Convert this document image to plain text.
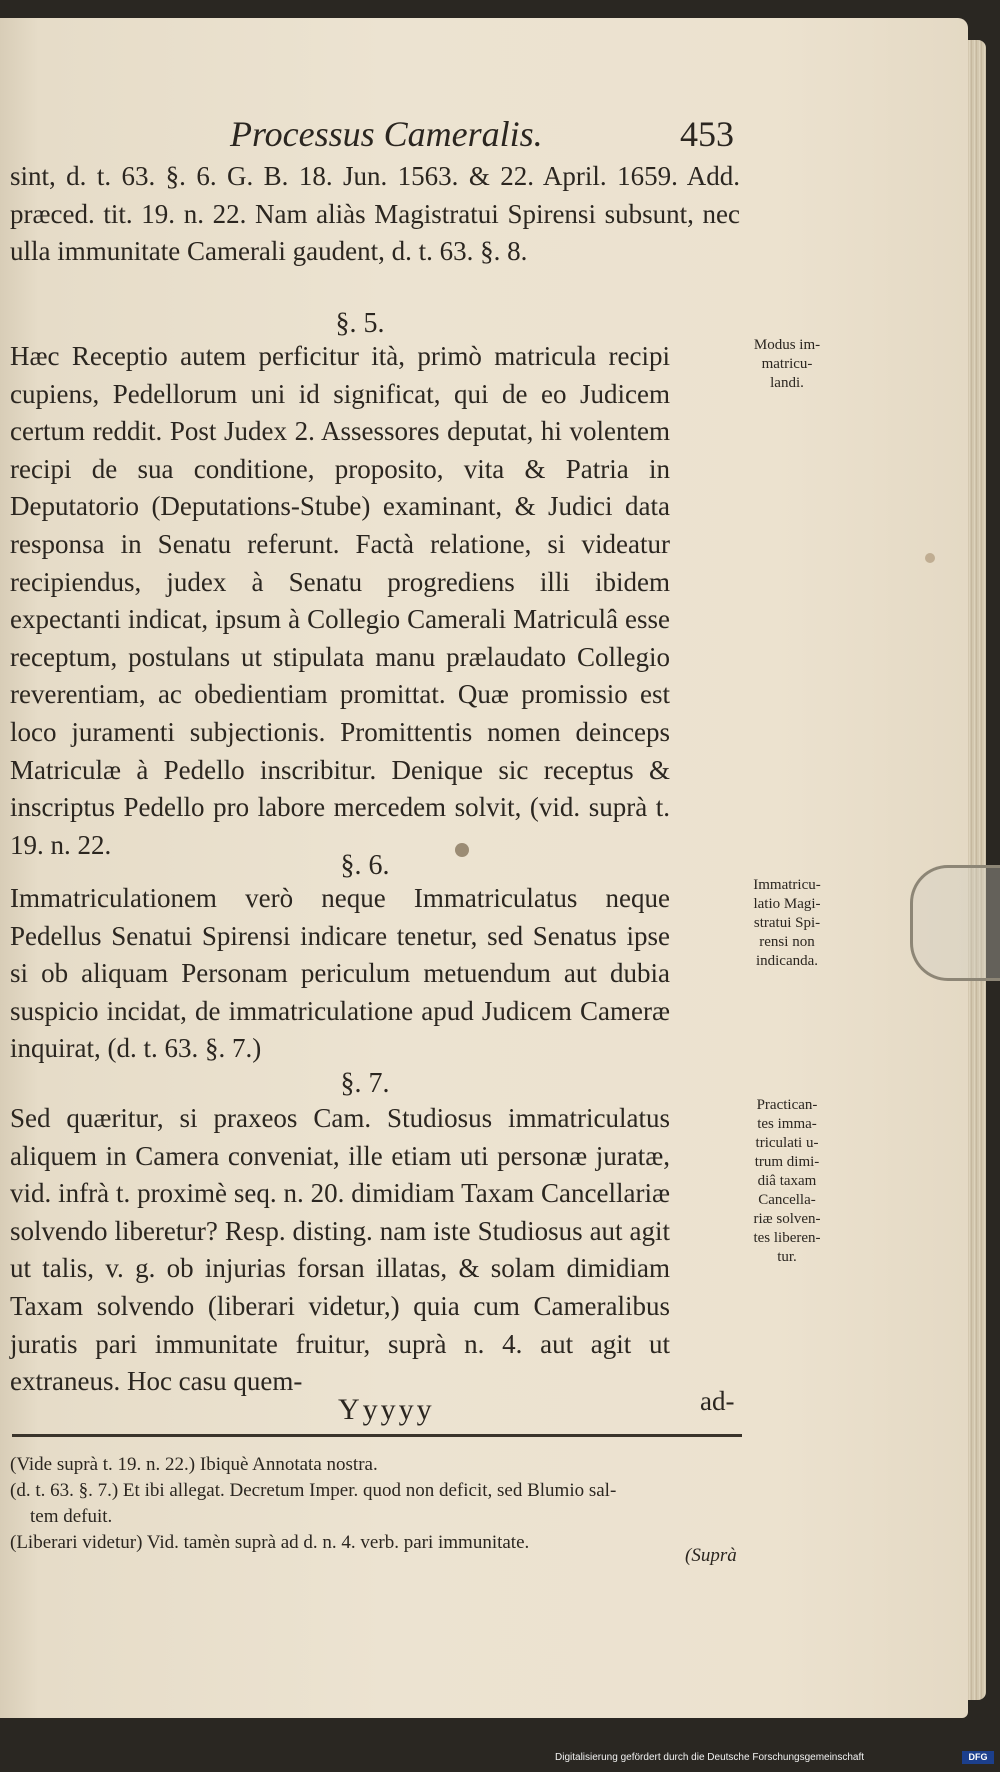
Processus Cameralis.	453
sint, d. t. 63. §. 6. G. B. 18. Jun. 1563. & 22. April. 1659. Add. præced. tit. 19. n. 22. Nam aliàs Magistratui Spirensi subsunt, nec ulla immunitate Camerali gaudent, d. t. 63. §. 8.
§. 5.
Hæc Receptio autem perficitur ità, primò matricula recipi cupiens, Pedellorum uni id significat, qui de eo Judicem certum reddit. Post Judex 2. Assessores deputat, hi volentem recipi de sua conditione, proposito, vita & Patria in Deputatorio (Deputations-Stube) examinant, & Judici data responsa in Senatu referunt. Factà relatione, si videatur recipiendus, judex à Senatu progrediens illi ibidem expectanti indicat, ipsum à Collegio Camerali Matriculâ esse receptum, postulans ut stipulata manu prælaudato Collegio reverentiam, ac obedientiam promittat. Quæ promissio est loco juramenti subjectionis. Promittentis nomen deinceps Matriculæ à Pedello inscribitur. Denique sic receptus & inscriptus Pedello pro labore mercedem solvit, (vid. suprà t. 19. n. 22.
Modus im-
matricu-
landi.
§. 6.
Immatriculationem verò neque Immatriculatus neque Pedellus Senatui Spirensi indicare tenetur, sed Senatus ipse si ob aliquam Personam periculum metuendum aut dubia suspicio incidat, de immatriculatione apud Judicem Cameræ inquirat, (d. t. 63. §. 7.)
Immatricu-
latio Magi-
stratui Spi-
rensi non
indicanda.
§. 7.
Sed quæritur, si praxeos Cam. Studiosus immatriculatus aliquem in Camera conveniat, ille etiam uti personæ juratæ, vid. infrà t. proximè seq. n. 20. dimidiam Taxam Cancellariæ solvendo liberetur? Resp. disting. nam iste Studiosus aut agit ut talis, v. g. ob injurias forsan illatas, & solam dimidiam Taxam solvendo (liberari videtur,) quia cum Cameralibus juratis pari immunitate fruitur, suprà n. 4. aut agit ut extraneus. Hoc casu quem-
Practican-
tes imma-
triculati u-
trum dimi-
diâ taxam
Cancella-
riæ solven-
tes liberen-
tur.
Yyyyy	ad-
(Vide suprà t. 19. n. 22.) Ibiquè Annotata nostra.
(d. t. 63. §. 7.) Et ibi allegat. Decretum Imper. quod non deficit, sed Blumio sal-
tem defuit.
(Liberari videtur) Vid. tamèn suprà ad d. n. 4. verb. pari immunitate.
(Suprà
Digitalisierung gefördert durch die Deutsche Forschungsgemeinschaft	DFG
